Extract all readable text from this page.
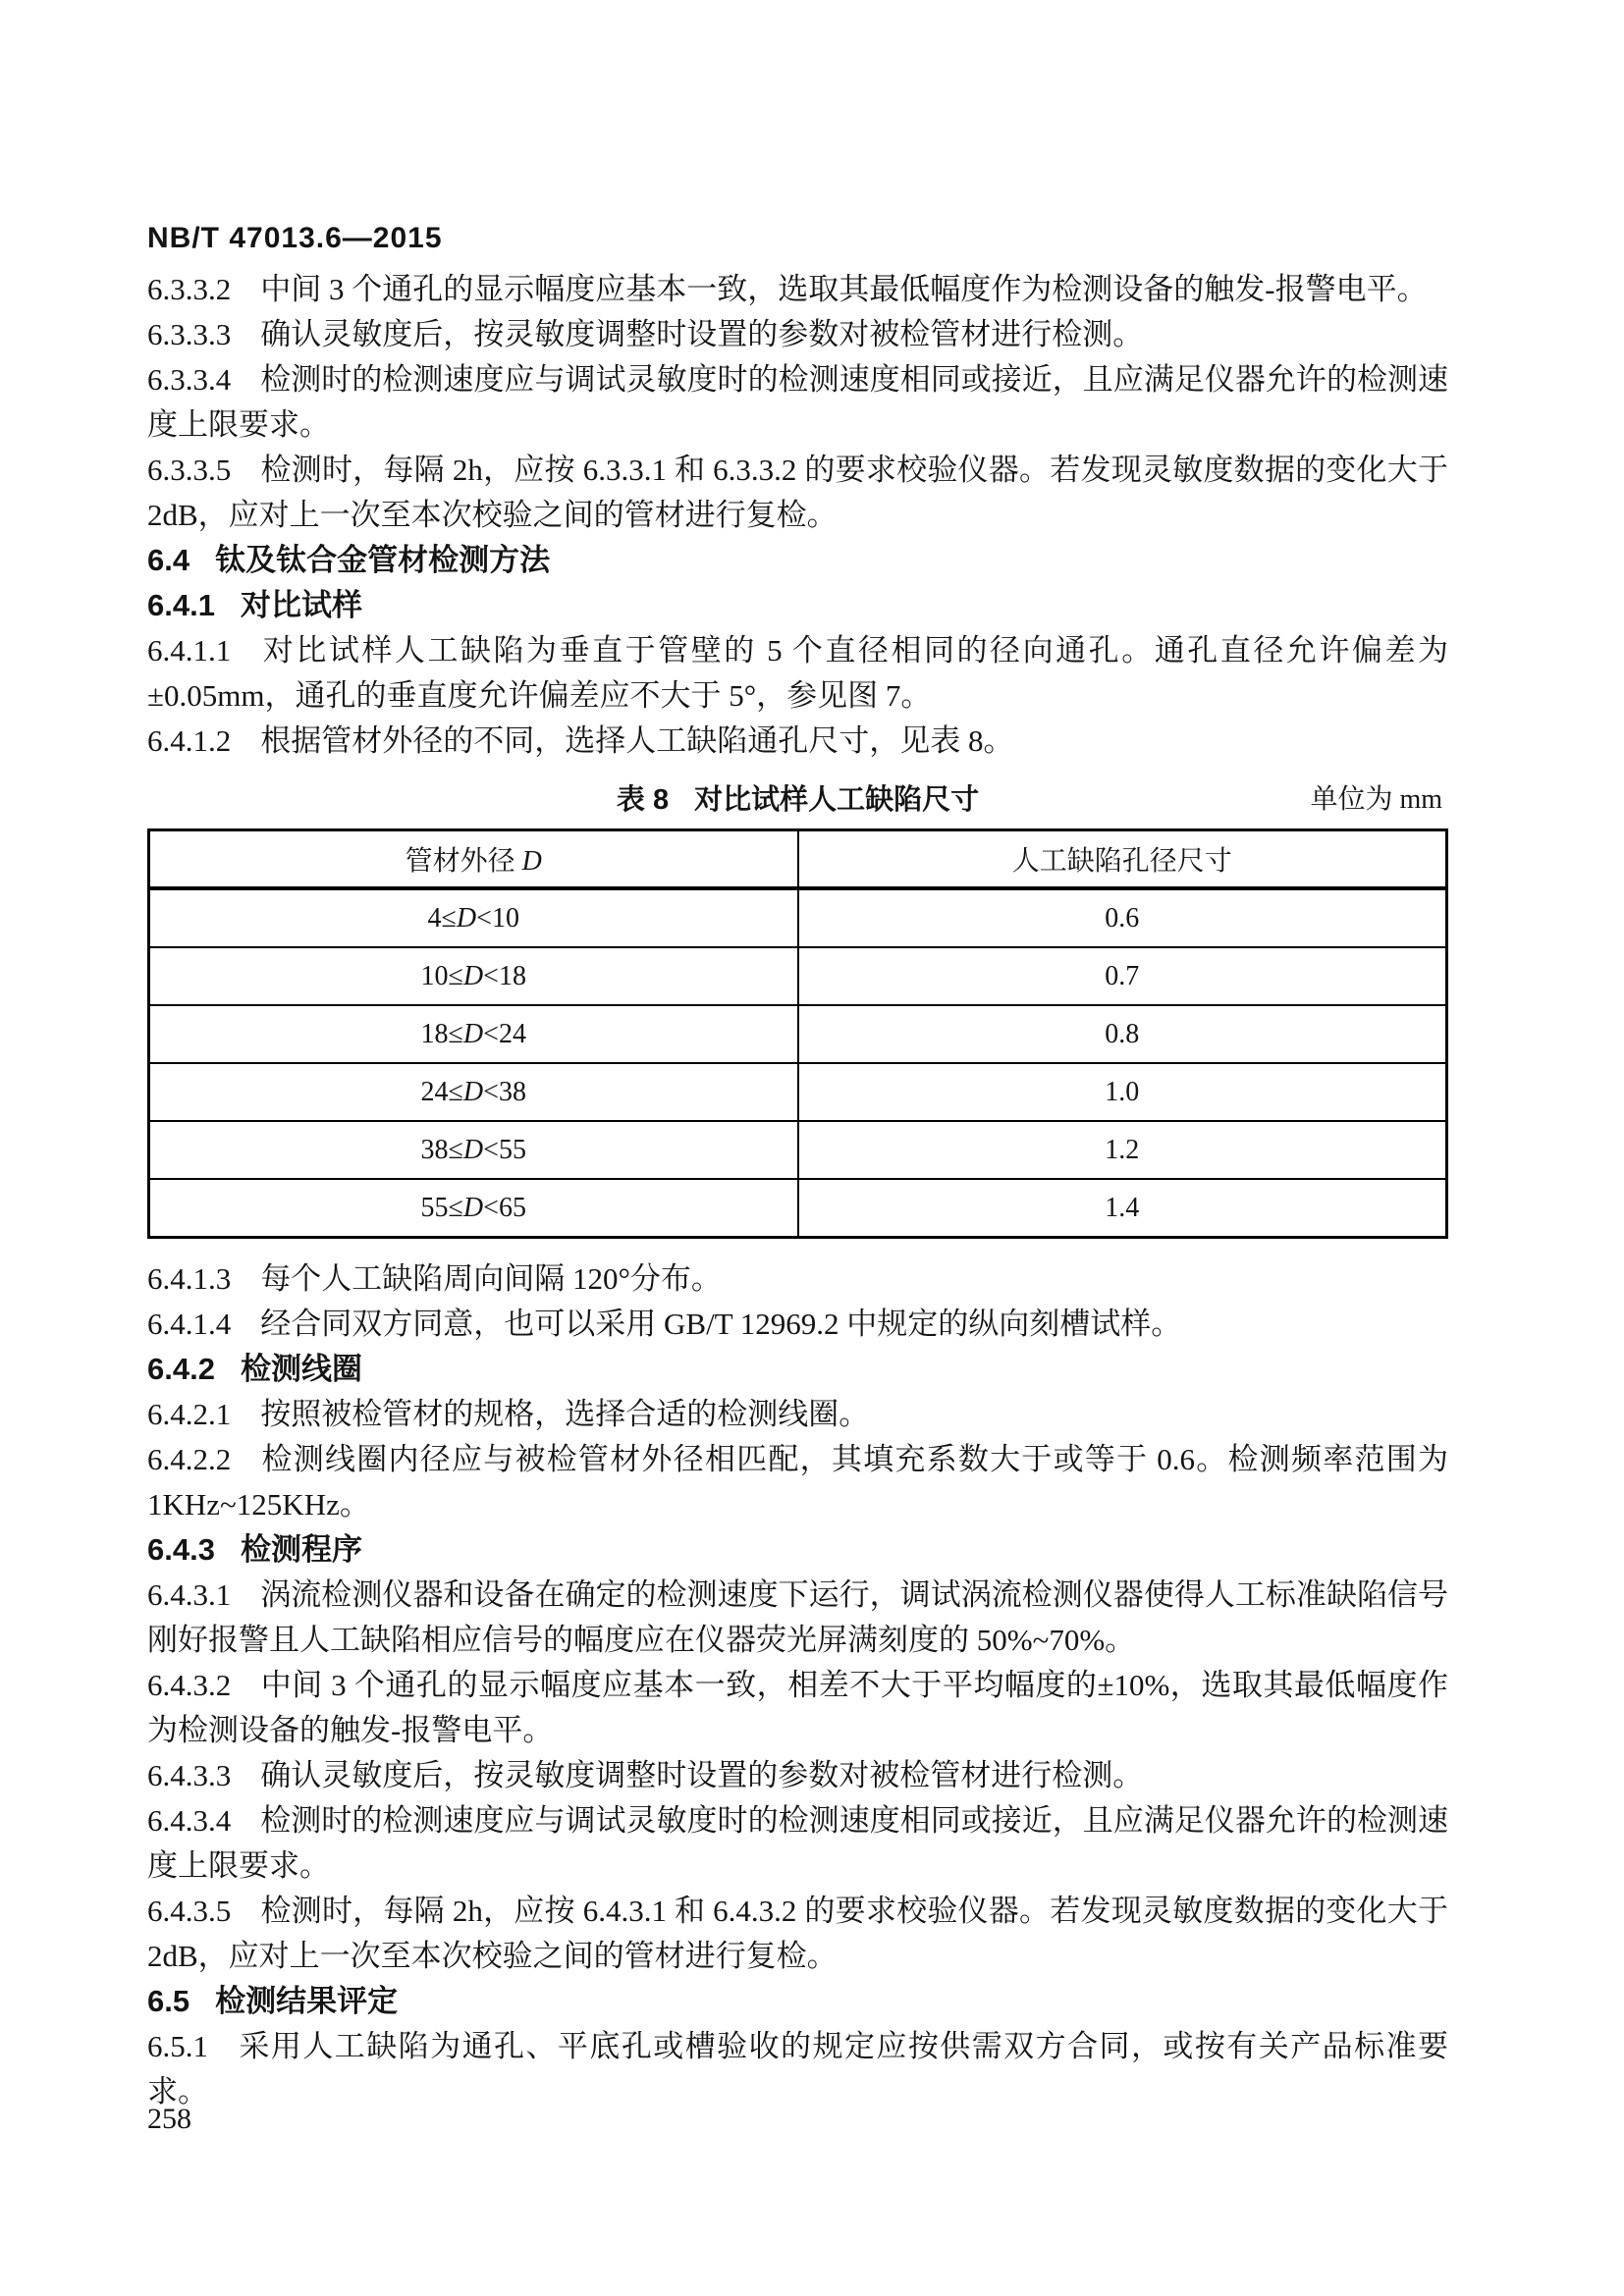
NB/T 47013.6—2015
6.3.3.2 中间 3 个通孔的显示幅度应基本一致，选取其最低幅度作为检测设备的触发-报警电平。
6.3.3.3 确认灵敏度后，按灵敏度调整时设置的参数对被检管材进行检测。
6.3.3.4 检测时的检测速度应与调试灵敏度时的检测速度相同或接近，且应满足仪器允许的检测速度上限要求。
6.3.3.5 检测时，每隔 2h，应按 6.3.3.1 和 6.3.3.2 的要求校验仪器。若发现灵敏度数据的变化大于 2dB，应对上一次至本次校验之间的管材进行复检。
6.4 钛及钛合金管材检测方法
6.4.1 对比试样
6.4.1.1 对比试样人工缺陷为垂直于管壁的 5 个直径相同的径向通孔。通孔直径允许偏差为±0.05mm，通孔的垂直度允许偏差应不大于 5°，参见图 7。
6.4.1.2 根据管材外径的不同，选择人工缺陷通孔尺寸，见表 8。
表 8 对比试样人工缺陷尺寸	单位为 mm
管材外径 D	人工缺陷孔径尺寸
4≤D<10	0.6
10≤D<18	0.7
18≤D<24	0.8
24≤D<38	1.0
38≤D<55	1.2
55≤D<65	1.4
6.4.1.3 每个人工缺陷周向间隔 120°分布。
6.4.1.4 经合同双方同意，也可以采用 GB/T 12969.2 中规定的纵向刻槽试样。
6.4.2 检测线圈
6.4.2.1 按照被检管材的规格，选择合适的检测线圈。
6.4.2.2 检测线圈内径应与被检管材外径相匹配，其填充系数大于或等于 0.6。检测频率范围为 1KHz~125KHz。
6.4.3 检测程序
6.4.3.1 涡流检测仪器和设备在确定的检测速度下运行，调试涡流检测仪器使得人工标准缺陷信号刚好报警且人工缺陷相应信号的幅度应在仪器荧光屏满刻度的 50%~70%。
6.4.3.2 中间 3 个通孔的显示幅度应基本一致，相差不大于平均幅度的±10%，选取其最低幅度作为检测设备的触发-报警电平。
6.4.3.3 确认灵敏度后，按灵敏度调整时设置的参数对被检管材进行检测。
6.4.3.4 检测时的检测速度应与调试灵敏度时的检测速度相同或接近，且应满足仪器允许的检测速度上限要求。
6.4.3.5 检测时，每隔 2h，应按 6.4.3.1 和 6.4.3.2 的要求校验仪器。若发现灵敏度数据的变化大于 2dB，应对上一次至本次校验之间的管材进行复检。
6.5 检测结果评定
6.5.1 采用人工缺陷为通孔、平底孔或槽验收的规定应按供需双方合同，或按有关产品标准要求。
258
